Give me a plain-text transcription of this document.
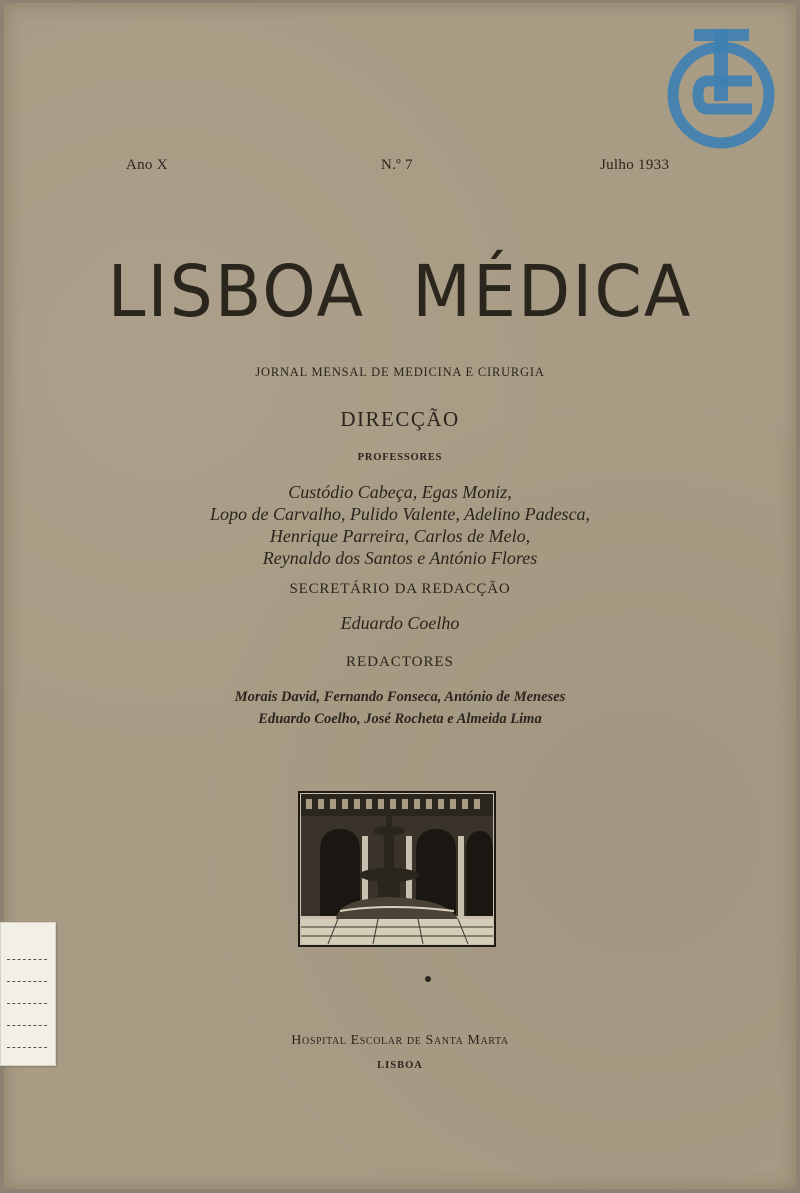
Ano X	N.º 7	Julho 1933
LISBOA  MÉDICA
JORNAL MENSAL DE MEDICINA E CIRURGIA
DIRECÇÃO
PROFESSORES
Custódio Cabeça, Egas Moniz,
Lopo de Carvalho, Pulido Valente, Adelino Padesca,
Henrique Parreira, Carlos de Melo,
Reynaldo dos Santos e António Flores
SECRETÁRIO DA REDACÇÃO
Eduardo Coelho
REDACTORES
Morais David, Fernando Fonseca, António de Meneses
Eduardo Coelho, José Rocheta e Almeida Lima
Hospital Escolar de Santa Marta
LISBOA
